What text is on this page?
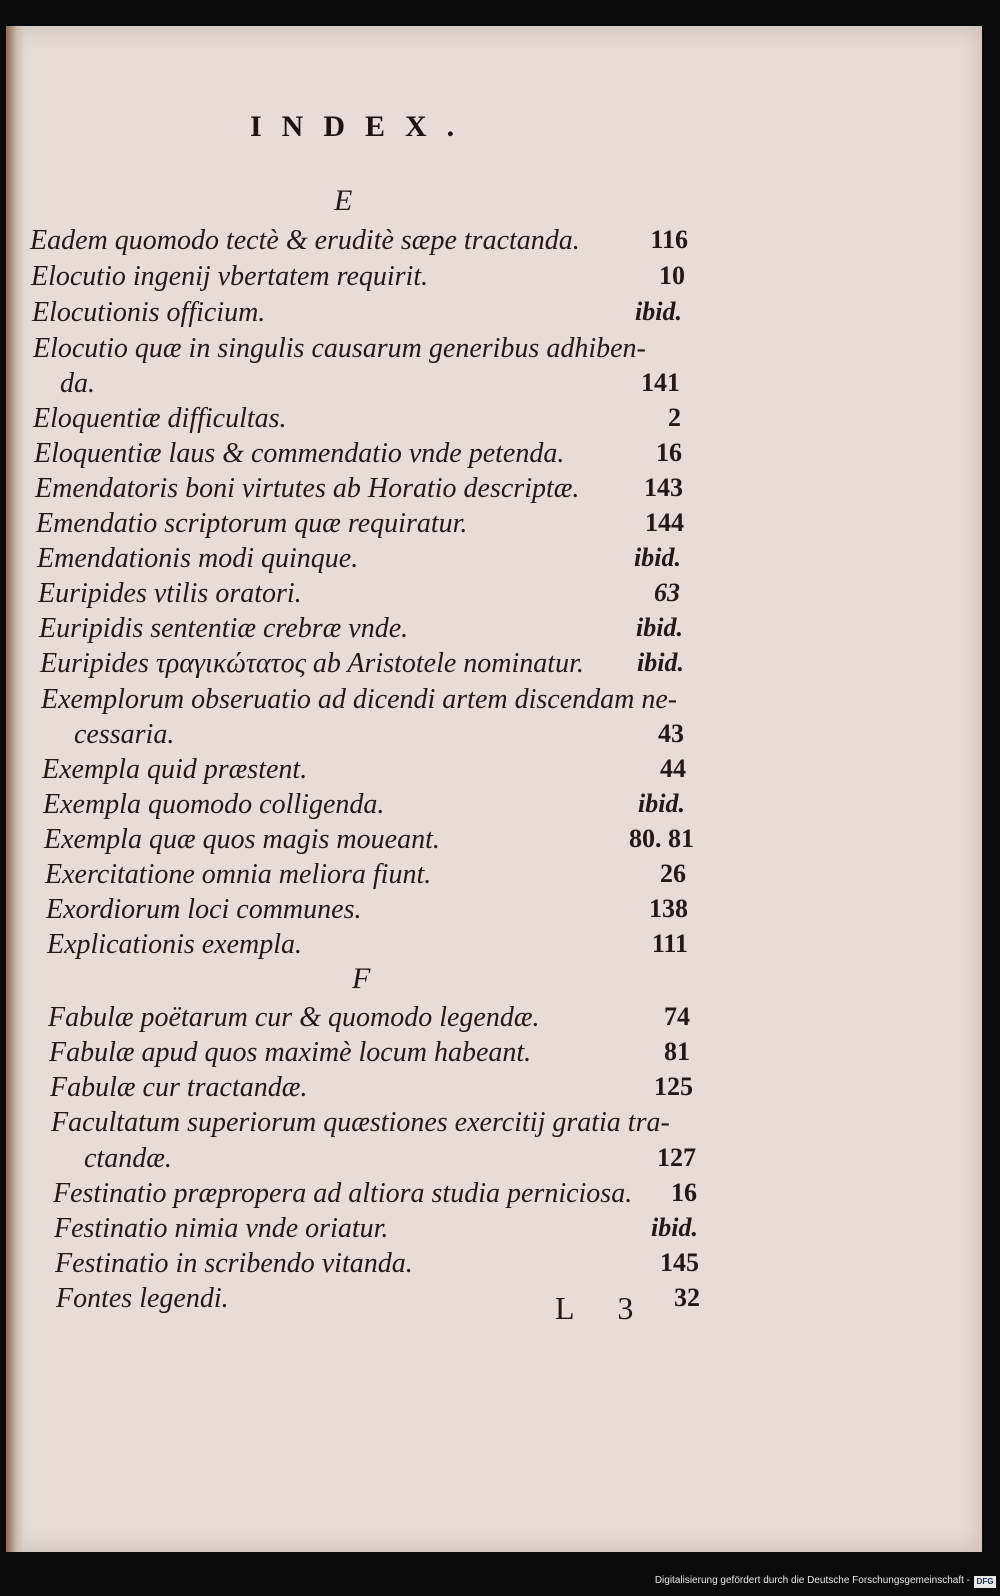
INDEX.
E
Eadem quomodo tectè & eruditè sæpe tractanda.	116
Elocutio ingenij vbertatem requirit.	10
Elocutionis officium.	ibid.
Elocutio quæ in singulis causarum generibus adhiben-
da.	141
Eloquentiæ difficultas.	2
Eloquentiæ laus & commendatio vnde petenda.	16
Emendatoris boni virtutes ab Horatio descriptæ. 143
Emendatio scriptorum quæ requiratur.	144
Emendationis modi quinque.	ibid.
Euripides vtilis oratori.	63
Euripidis sententiæ crebræ vnde.	ibid.
Euripides τραγικώτατος ab Aristotele nominatur. ibid.
Exemplorum obseruatio ad dicendi artem discendam ne-
cessaria.	43
Exempla quid præstent.	44
Exempla quomodo colligenda.	ibid.
Exempla quæ quos magis moueant.	80. 81
Exercitatione omnia meliora fiunt.	26
Exordiorum loci communes.	138
Explicationis exempla.	111
F
Fabulæ poëtarum cur & quomodo legendæ.	74
Fabulæ apud quos maximè locum habeant.	81
Fabulæ cur tractandæ.	125
Facultatum superiorum quæstiones exercitij gratia tra-
ctandæ.	127
Festinatio præpropera ad altiora studia perniciosa. 16
Festinatio nimia vnde oriatur.	ibid.
Festinatio in scribendo vitanda.	145
Fontes legendi.	32
L 3
Digitalisierung gefördert durch die Deutsche Forschungsgemeinschaft - DFG
